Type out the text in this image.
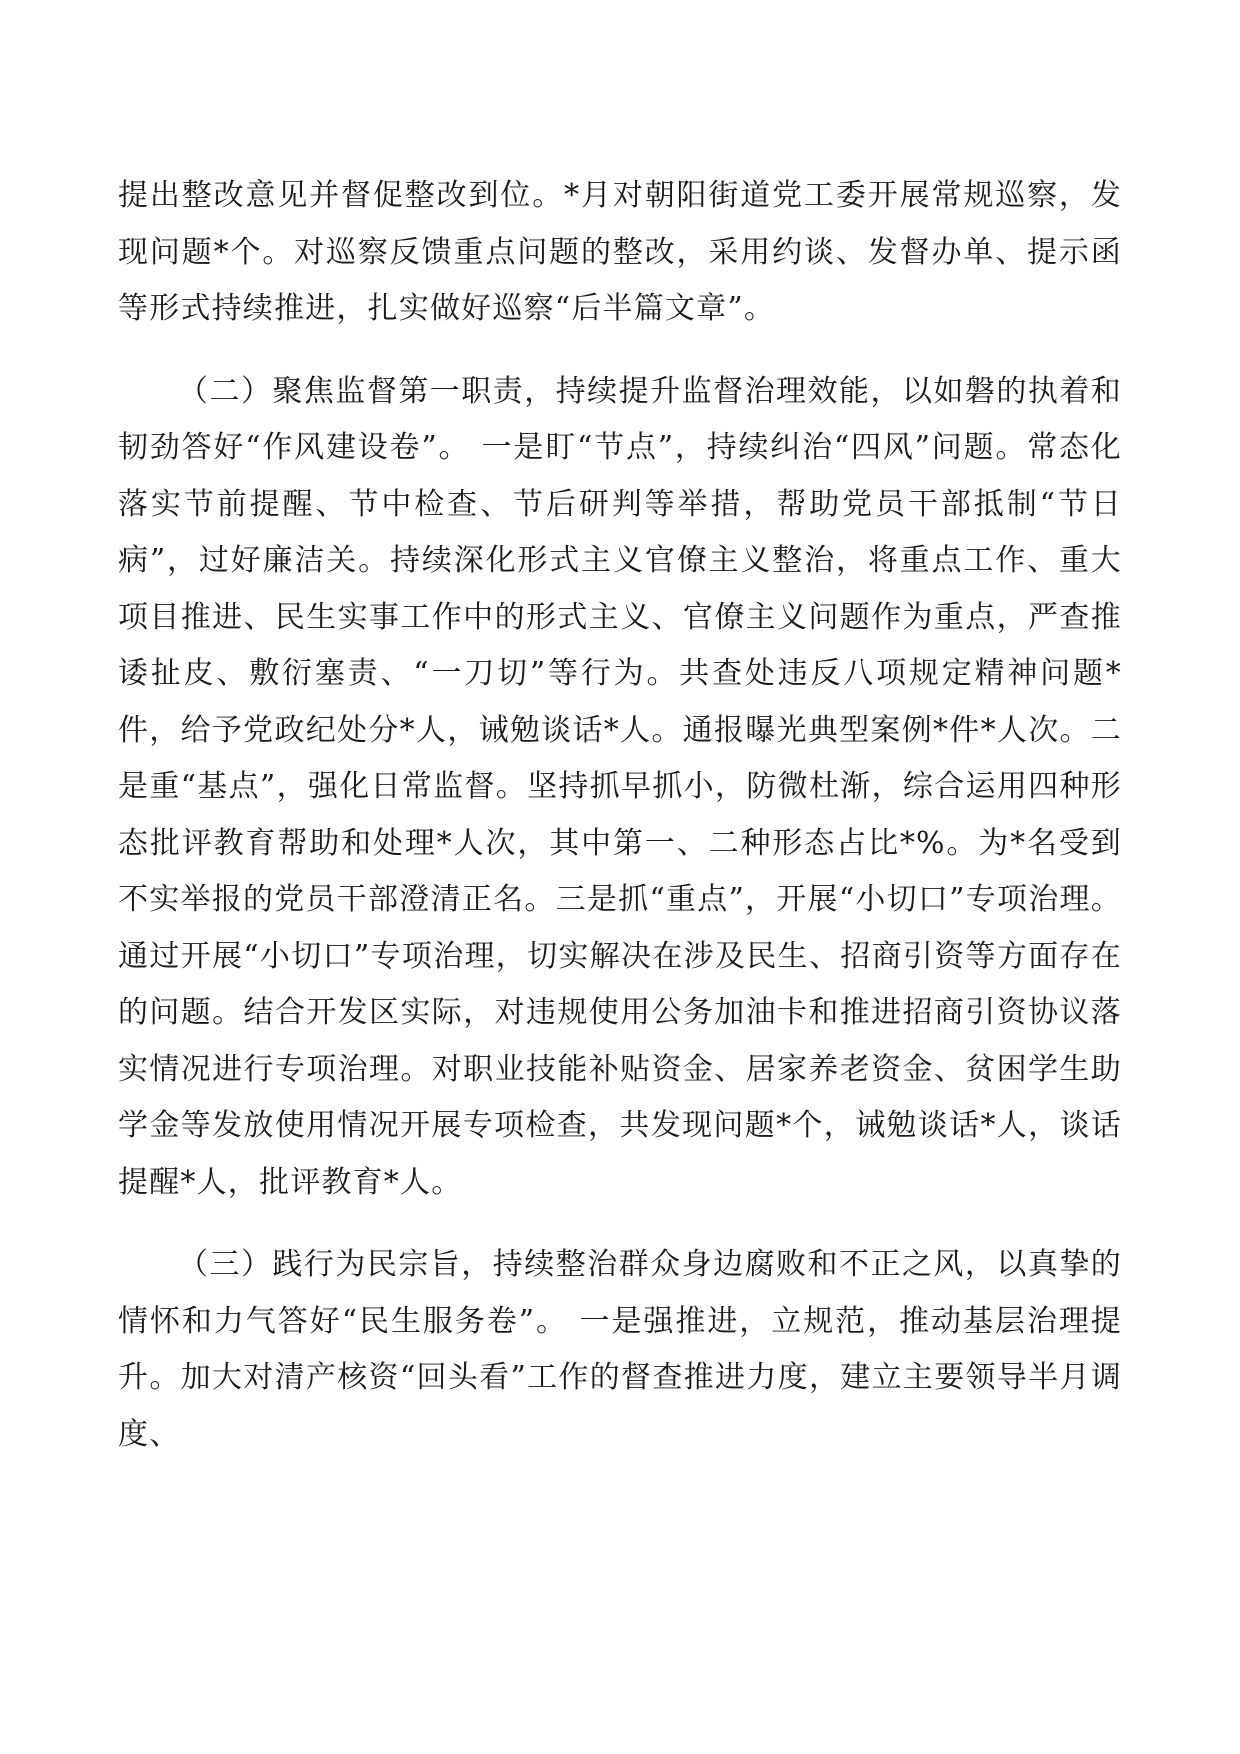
提出整改意见并督促整改到位。*月对朝阳街道党工委开展常规巡察，发现问题*个。对巡察反馈重点问题的整改，采用约谈、发督办单、提示函等形式持续推进，扎实做好巡察“后半篇文章”。

（二）聚焦监督第一职责，持续提升监督治理效能，以如磐的执着和韧劲答好“作风建设卷”。 一是盯“节点”，持续纠治“四风”问题。常态化落实节前提醒、节中检查、节后研判等举措，帮助党员干部抵制“节日病”，过好廉洁关。持续深化形式主义官僚主义整治，将重点工作、重大项目推进、民生实事工作中的形式主义、官僚主义问题作为重点，严查推诿扯皮、敷衍塞责、“一刀切”等行为。共查处违反八项规定精神问题*件，给予党政纪处分*人，诫勉谈话*人。通报曝光典型案例*件*人次。二是重“基点”，强化日常监督。坚持抓早抓小，防微杜渐，综合运用四种形态批评教育帮助和处理*人次，其中第一、二种形态占比*%。为*名受到不实举报的党员干部澄清正名。三是抓“重点”，开展“小切口”专项治理。通过开展“小切口”专项治理，切实解决在涉及民生、招商引资等方面存在的问题。结合开发区实际，对违规使用公务加油卡和推进招商引资协议落实情况进行专项治理。对职业技能补贴资金、居家养老资金、贫困学生助学金等发放使用情况开展专项检查，共发现问题*个，诫勉谈话*人，谈话提醒*人，批评教育*人。

（三）践行为民宗旨，持续整治群众身边腐败和不正之风，以真挚的情怀和力气答好“民生服务卷”。 一是强推进，立规范，推动基层治理提升。加大对清产核资“回头看”工作的督查推进力度，建立主要领导半月调度、
